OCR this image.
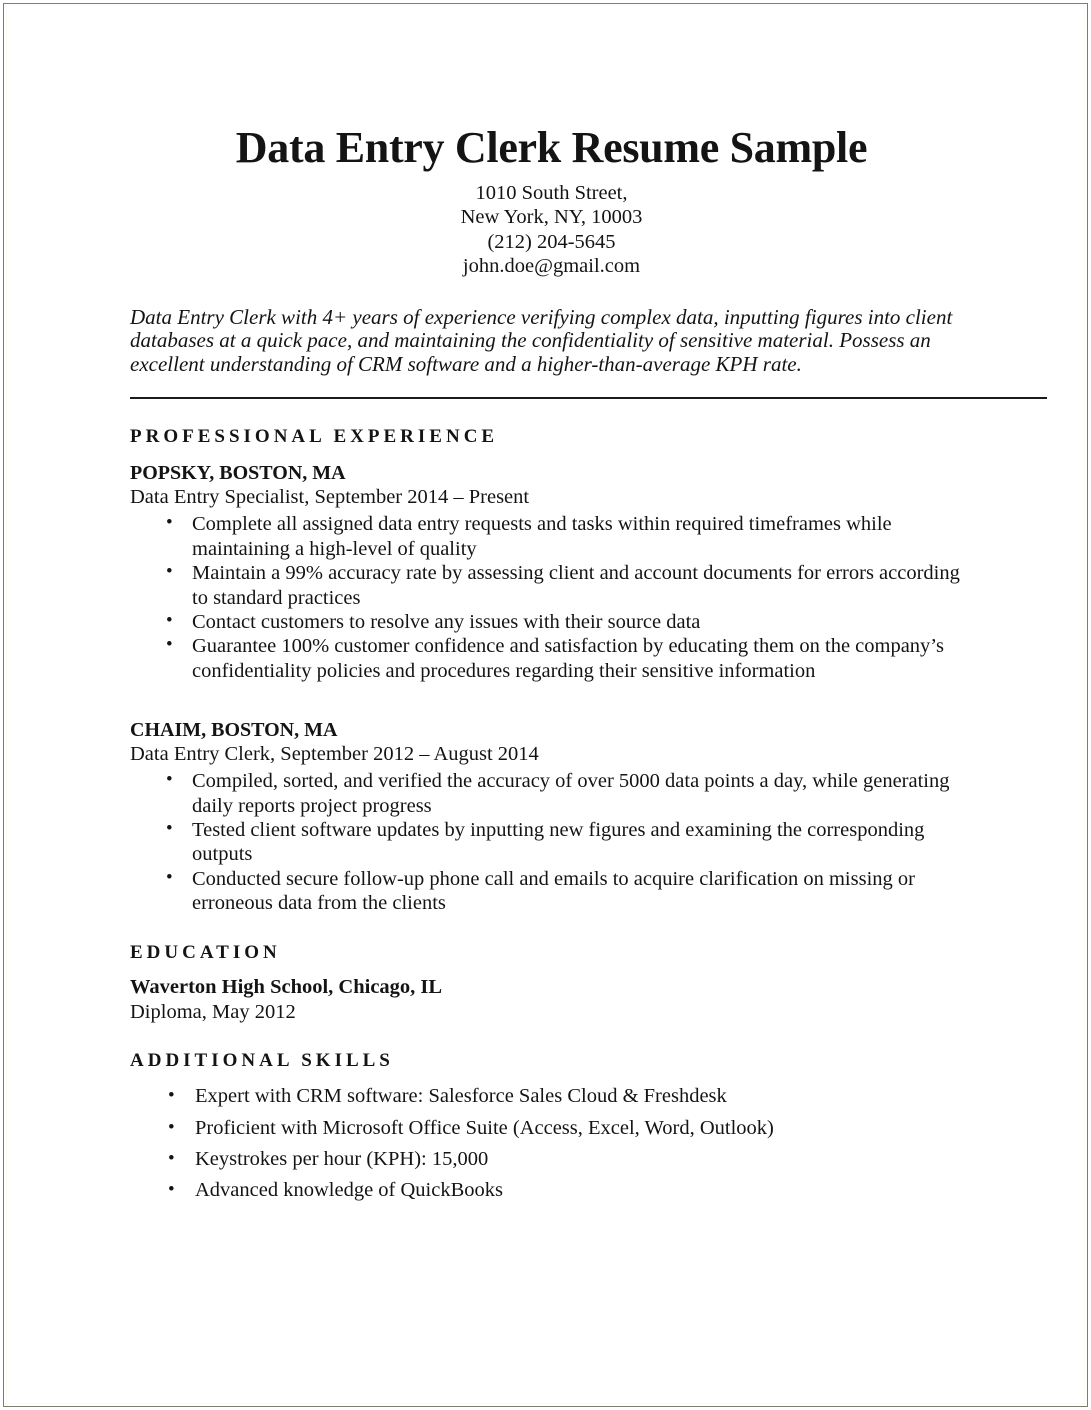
Data Entry Clerk Resume Sample
1010 South Street,
New York, NY, 10003
(212) 204-5645
john.doe@gmail.com

Data Entry Clerk with 4+ years of experience verifying complex data, inputting figures into client databases at a quick pace, and maintaining the confidentiality of sensitive material. Possess an excellent understanding of CRM software and a higher-than-average KPH rate.

PROFESSIONAL EXPERIENCE
POPSKY, BOSTON, MA
Data Entry Specialist, September 2014 – Present
• Complete all assigned data entry requests and tasks within required timeframes while maintaining a high-level of quality
• Maintain a 99% accuracy rate by assessing client and account documents for errors according to standard practices
• Contact customers to resolve any issues with their source data
• Guarantee 100% customer confidence and satisfaction by educating them on the company’s confidentiality policies and procedures regarding their sensitive information
CHAIM, BOSTON, MA
Data Entry Clerk, September 2012 – August 2014
• Compiled, sorted, and verified the accuracy of over 5000 data points a day, while generating daily reports project progress
• Tested client software updates by inputting new figures and examining the corresponding outputs
• Conducted secure follow-up phone call and emails to acquire clarification on missing or erroneous data from the clients
EDUCATION
Waverton High School, Chicago, IL
Diploma, May 2012
ADDITIONAL SKILLS
• Expert with CRM software: Salesforce Sales Cloud & Freshdesk
• Proficient with Microsoft Office Suite (Access, Excel, Word, Outlook)
• Keystrokes per hour (KPH): 15,000
• Advanced knowledge of QuickBooks
